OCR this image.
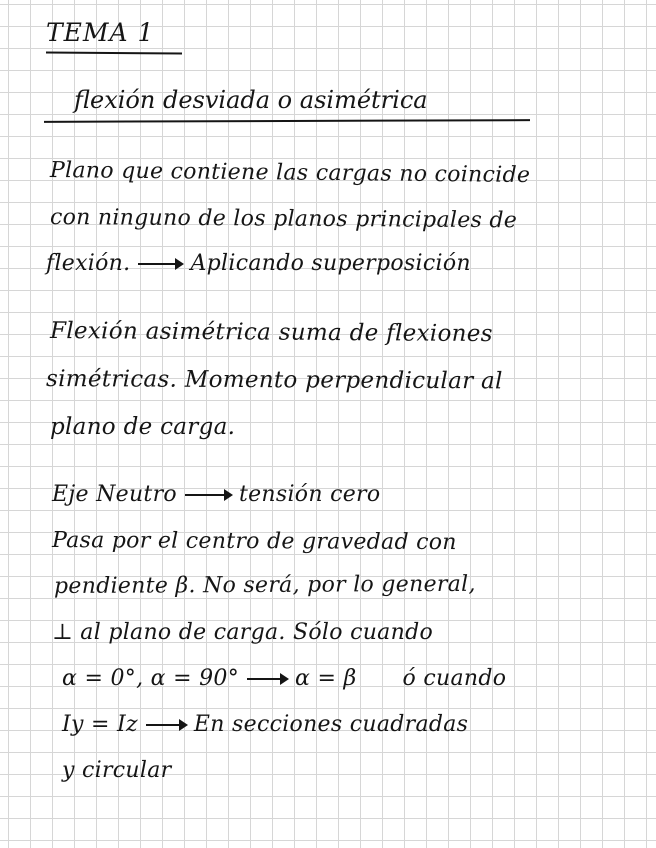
TEMA 1
flexión desviada o asimétrica
Plano que contiene las cargas no coincide
con ninguno de los planos principales de
flexión.	Aplicando superposición
Flexión asimétrica suma de flexiones
simétricas. Momento perpendicular al
plano de carga.
Eje Neutro	tensión cero
Pasa por el centro de gravedad con
pendiente β. No será, por lo general,
⊥ al plano de carga. Sólo cuando
α = 0°, α = 90°	α = β ó cuando
Iy = Iz	En secciones cuadradas
y circular
